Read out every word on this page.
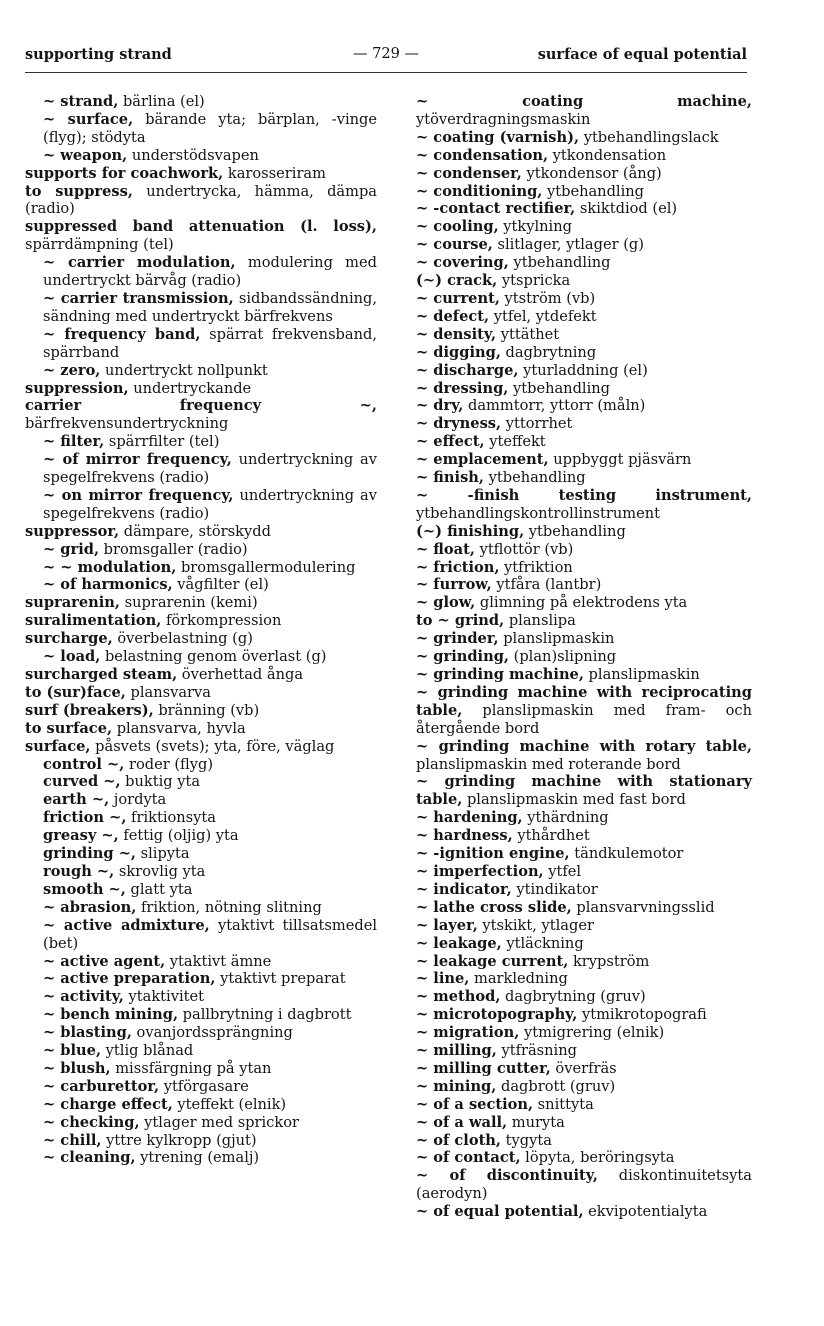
supporting strand	— 729 —	surface of equal potential
~ strand, bärlina (el)
~ surface, bärande yta; bärplan, -vinge (flyg); stödyta
~ weapon, understödsvapen
supports for coachwork, karosseriram
to suppress, undertrycka, hämma, dämpa (radio)
suppressed band attenuation (l. loss), spärrdämpning (tel)
~ carrier modulation, modulering med undertryckt bärvåg (radio)
~ carrier transmission, sidbandssändning, sändning med undertryckt bärfrekvens
~ frequency band, spärrat frekvensband, spärrband
~ zero, undertryckt nollpunkt
suppression, undertryckande
carrier frequency ~, bärfrekvensundertryckning
~ filter, spärrfilter (tel)
~ of mirror frequency, undertryckning av spegelfrekvens (radio)
~ on mirror frequency, undertryckning av spegelfrekvens (radio)
suppressor, dämpare, störskydd
~ grid, bromsgaller (radio)
~ ~ modulation, bromsgallermodulering
~ of harmonics, vågfilter (el)
suprarenin, suprarenin (kemi)
suralimentation, förkompression
surcharge, överbelastning (g)
~ load, belastning genom överlast (g)
surcharged steam, överhettad ånga
to (sur)face, plansvarva
surf (breakers), bränning (vb)
to surface, plansvarva, hyvla
surface, påsvets (svets); yta, före, väglag
control ~, roder (flyg)
curved ~, buktig yta
earth ~, jordyta
friction ~, friktionsyta
greasy ~, fettig (oljig) yta
grinding ~, slipyta
rough ~, skrovlig yta
smooth ~, glatt yta
~ abrasion, friktion, nötning slitning
~ active admixture, ytaktivt tillsatsmedel (bet)
~ active agent, ytaktivt ämne
~ active preparation, ytaktivt preparat
~ activity, ytaktivitet
~ bench mining, pallbrytning i dagbrott
~ blasting, ovanjordssprängning
~ blue, ytlig blånad
~ blush, missfärgning på ytan
~ carburettor, ytförgasare
~ charge effect, yteffekt (elnik)
~ checking, ytlager med sprickor
~ chill, yttre kylkropp (gjut)
~ cleaning, ytrening (emalj)
~ coating machine, ytöverdragningsmaskin
~ coating (varnish), ytbehandlingslack
~ condensation, ytkondensation
~ condenser, ytkondensor (ång)
~ conditioning, ytbehandling
~ -contact rectifier, skiktdiod (el)
~ cooling, ytkylning
~ course, slitlager, ytlager (g)
~ covering, ytbehandling
(~) crack, ytspricka
~ current, ytström (vb)
~ defect, ytfel, ytdefekt
~ density, yttäthet
~ digging, dagbrytning
~ discharge, yturladdning (el)
~ dressing, ytbehandling
~ dry, dammtorr, yttorr (måln)
~ dryness, yttorrhet
~ effect, yteffekt
~ emplacement, uppbyggt pjäsvärn
~ finish, ytbehandling
~ -finish testing instrument, ytbehandlingskontrollinstrument
(~) finishing, ytbehandling
~ float, ytflottör (vb)
~ friction, ytfriktion
~ furrow, ytfåra (lantbr)
~ glow, glimning på elektrodens yta
to ~ grind, planslipa
~ grinder, planslipmaskin
~ grinding, (plan)slipning
~ grinding machine, planslipmaskin
~ grinding machine with reciprocating table, planslipmaskin med fram- och återgående bord
~ grinding machine with rotary table, planslipmaskin med roterande bord
~ grinding machine with stationary table, planslipmaskin med fast bord
~ hardening, ythärdning
~ hardness, ythårdhet
~ -ignition engine, tändkulemotor
~ imperfection, ytfel
~ indicator, ytindikator
~ lathe cross slide, plansvarvningsslid
~ layer, ytskikt, ytlager
~ leakage, ytläckning
~ leakage current, krypström
~ line, markledning
~ method, dagbrytning (gruv)
~ microtopography, ytmikrotopografi
~ migration, ytmigrering (elnik)
~ milling, ytfräsning
~ milling cutter, överfräs
~ mining, dagbrott (gruv)
~ of a section, snittyta
~ of a wall, muryta
~ of cloth, tygyta
~ of contact, löpyta, beröringsyta
~ of discontinuity, diskontinuitetsyta (aerodyn)
~ of equal potential, ekvipotentialyta
